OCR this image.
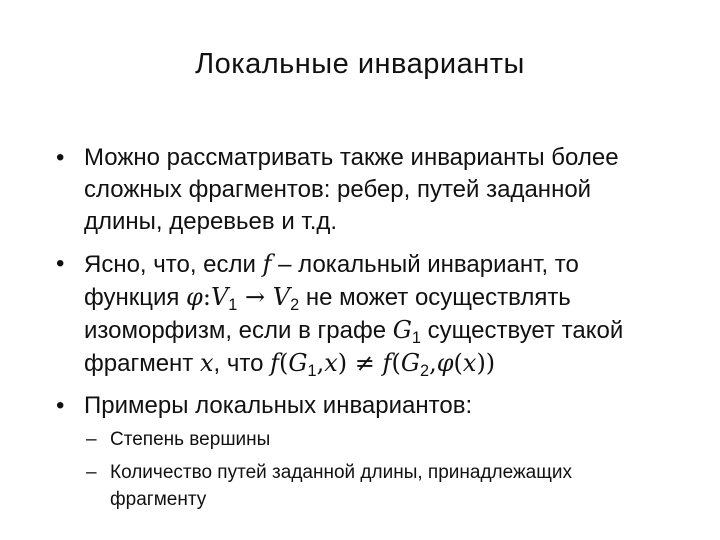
Локальные инварианты
• Можно рассматривать также инварианты более сложных фрагментов: ребер, путей заданной длины, деревьев и т.д.
• Ясно, что, если f – локальный инвариант, то функция $\varphi:V_1 \to V_2$ не может осуществлять изоморфизм, если в графе $G_1$ существует такой фрагмент x, что $f(G_1,x) \ne f(G_2,\varphi(x))$
• Примеры локальных инвариантов:
– Степень вершины
– Количество путей заданной длины, принадлежащих фрагменту
